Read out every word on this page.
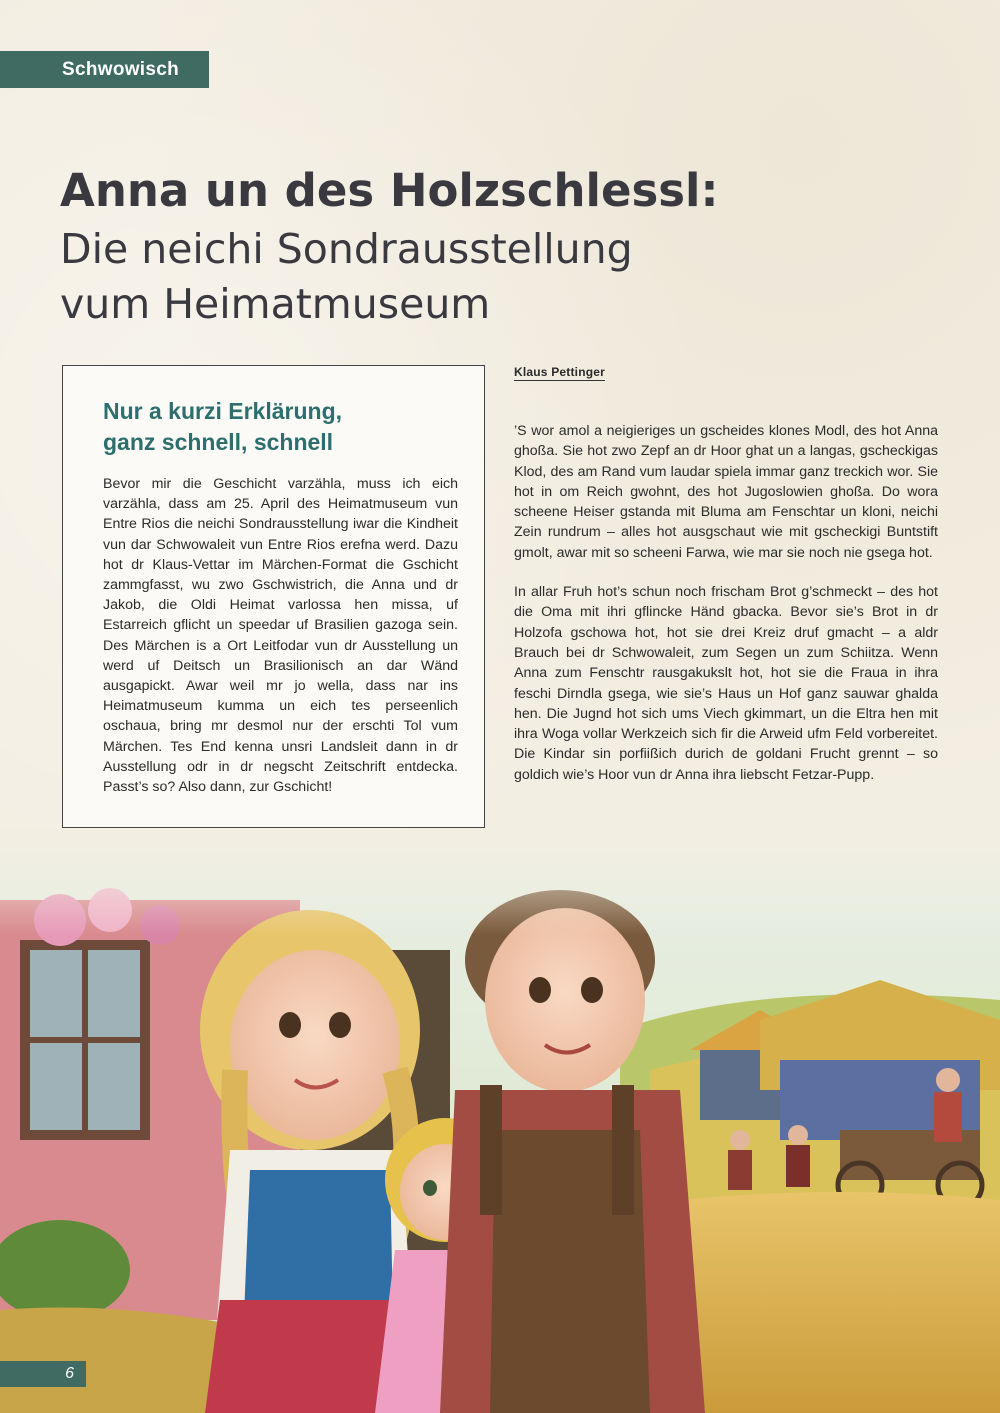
Schwowisch
Anna un des Holzschlessl:
Die neichi Sondrausstellung
vum Heimatmuseum
Nur a kurzi Erklärung,
ganz schnell, schnell

Bevor mir die Geschicht varzähla, muss ich eich varzähla, dass am 25. April des Heimatmuseum vun Entre Rios die neichi Sondrausstellung iwar die Kindheit vun dar Schwowaleit vun Entre Rios erefna werd. Dazu hot dr Klaus-Vettar im Märchen-Format die Gschicht zammgfasst, wu zwo Gschwistrich, die Anna und dr Jakob, die Oldi Heimat varlossa hen missa, uf Estarreich gflicht un speedar uf Brasilien gazoga sein. Des Märchen is a Ort Leitfodar vun dr Ausstellung un werd uf Deitsch un Brasilionisch an dar Wänd ausgapickt. Awar weil mr jo wella, dass nar ins Heimatmuseum kumma un eich tes perseenlich oschaua, bring mr desmol nur der erschti Tol vum Märchen. Tes End kenna unsri Landsleit dann in dr Ausstellung odr in dr negscht Zeitschrift entdecka. Passt’s so? Also dann, zur Gschicht!

Klaus Pettinger

’S wor amol a neigieriges un gscheides klones Modl, des hot Anna ghoßa. Sie hot zwo Zepf an dr Hoor ghat un a langas, gscheckigas Klod, des am Rand vum laudar spiela immar ganz treckich wor. Sie hot in om Reich gwohnt, des hot Jugoslowien ghoßa. Do wora scheene Heiser gstanda mit Bluma am Fenschtar un kloni, neichi Zein rundrum – alles hot ausgschaut wie mit gscheckigi Buntstift gmolt, awar mit so scheeni Farwa, wie mar sie noch nie gsega hot.

In allar Fruh hot’s schun noch frischam Brot g’schmeckt – des hot die Oma mit ihri gflincke Händ gbacka. Bevor sie’s Brot in dr Holzofa gschowa hot, hot sie drei Kreiz druf gmacht – a aldr Brauch bei dr Schwowaleit, zum Segen un zum Schiitza. Wenn Anna zum Fenschtr rausgakukslt hot, hot sie die Fraua in ihra feschi Dirndla gsega, wie sie’s Haus un Hof ganz sauwar ghalda hen. Die Jugnd hot sich ums Viech gkimmart, un die Eltra hen mit ihra Woga vollar Werkzeich sich fir die Arweid ufm Feld vorbereitet. Die Kindar sin porfiißich durich de goldani Frucht grennt – so goldich wie’s Hoor vun dr Anna ihra liebscht Fetzar-Pupp.

6
